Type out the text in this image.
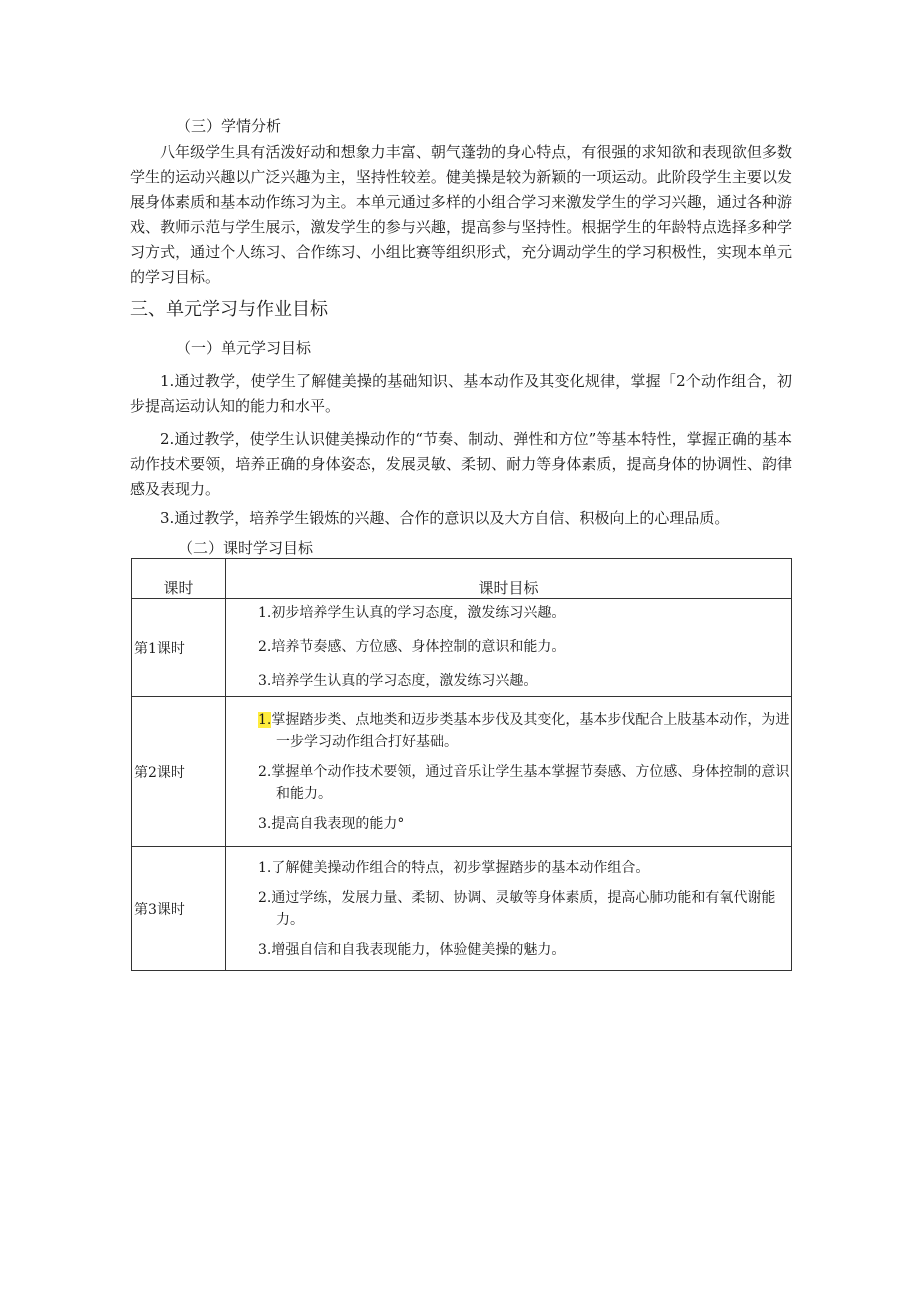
（三）学情分析
八年级学生具有活泼好动和想象力丰富、朝气蓬勃的身心特点，有很强的求知欲和表现欲但多数学生的运动兴趣以广泛兴趣为主，坚持性较差。健美操是较为新颖的一项运动。此阶段学生主要以发展身体素质和基本动作练习为主。本单元通过多样的小组合学习来激发学生的学习兴趣，通过各种游戏、教师示范与学生展示，激发学生的参与兴趣，提高参与坚持性。根据学生的年龄特点选择多种学习方式，通过个人练习、合作练习、小组比赛等组织形式，充分调动学生的学习积极性，实现本单元的学习目标。
三、单元学习与作业目标
（一）单元学习目标
1.通过教学，使学生了解健美操的基础知识、基本动作及其变化规律，掌握「2个动作组合，初步提高运动认知的能力和水平。
2.通过教学，使学生认识健美操动作的“节奏、制动、弹性和方位”等基本特性，掌握正确的基本动作技术要领，培养正确的身体姿态，发展灵敏、柔韧、耐力等身体素质，提高身体的协调性、韵律感及表现力。
3.通过教学，培养学生锻炼的兴趣、合作的意识以及大方自信、积极向上的心理品质。
（二）课时学习目标
课时	课时目标
第1课时	1.初步培养学生认真的学习态度，激发练习兴趣。
2.培养节奏感、方位感、身体控制的意识和能力。
3.培养学生认真的学习态度，激发练习兴趣。

第2课时	1.掌握踏步类、点地类和迈步类基本步伐及其变化，基本步伐配合上肢基本动作，为进一步学习动作组合打好基础。
2.掌握单个动作技术要领，通过音乐让学生基本掌握节奏感、方位感、身体控制的意识和能力。
3.提高自我表现的能力°

第3课时	1.了解健美操动作组合的特点，初步掌握踏步的基本动作组合。
2.通过学练，发展力量、柔韧、协调、灵敏等身体素质，提高心肺功能和有氧代谢能力。
3.增强自信和自我表现能力，体验健美操的魅力。
